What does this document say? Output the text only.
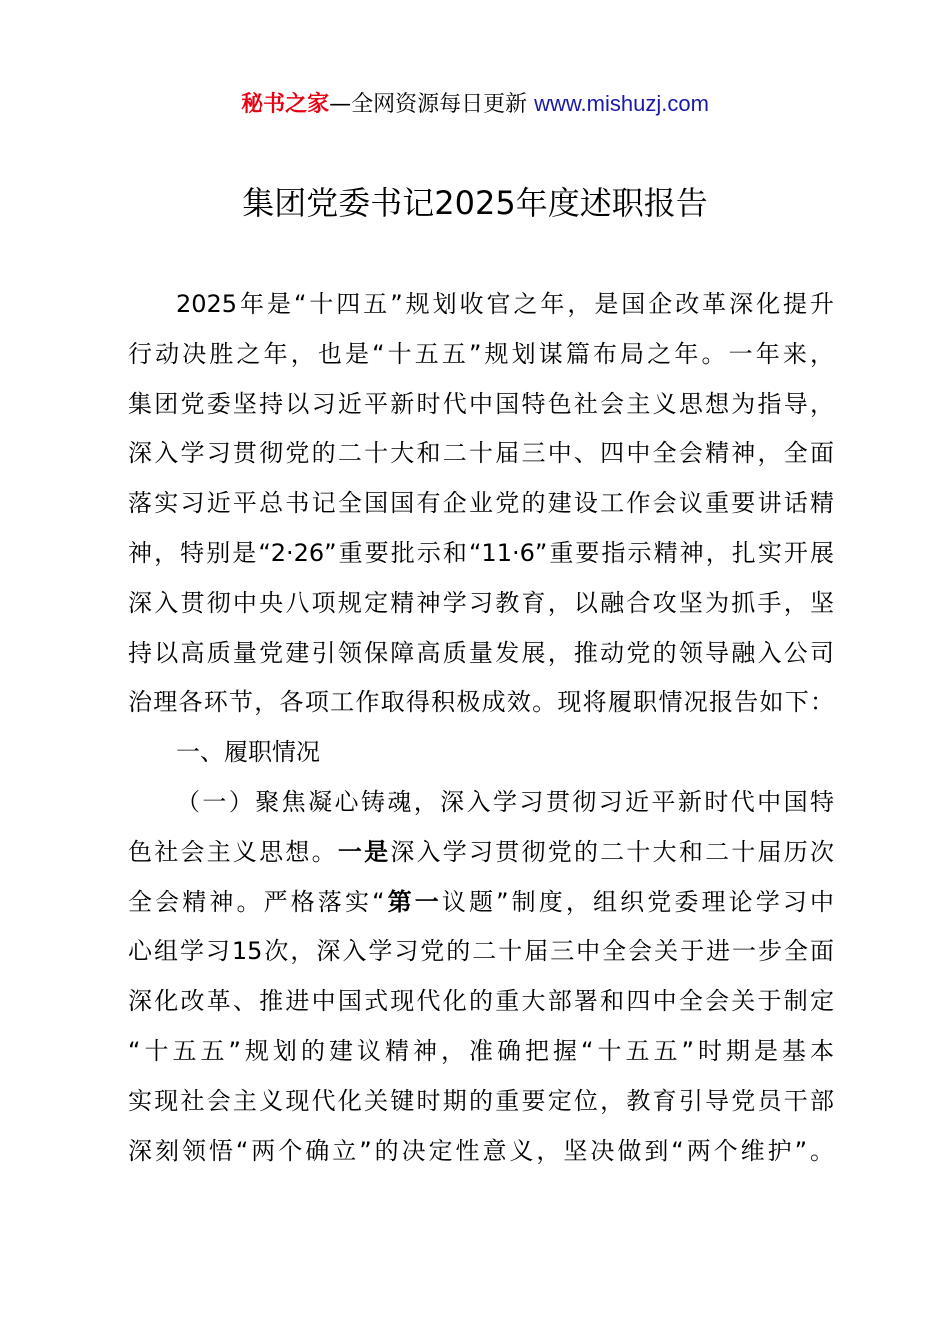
秘书之家—全网资源每日更新 www.mishuzj.com
集团党委书记2025年度述职报告
2025年是“十四五”规划收官之年，是国企改革深化提升
行动决胜之年，也是“十五五”规划谋篇布局之年。一年来，
集团党委坚持以习近平新时代中国特色社会主义思想为指导，
深入学习贯彻党的二十大和二十届三中、四中全会精神，全面
落实习近平总书记全国国有企业党的建设工作会议重要讲话精
神，特别是“2·26”重要批示和“11·6”重要指示精神，扎实开展
深入贯彻中央八项规定精神学习教育，以融合攻坚为抓手，坚
持以高质量党建引领保障高质量发展，推动党的领导融入公司
治理各环节，各项工作取得积极成效。现将履职情况报告如下：
一、履职情况
（一）聚焦凝心铸魂，深入学习贯彻习近平新时代中国特
色社会主义思想。一是深入学习贯彻党的二十大和二十届历次
全会精神。严格落实“第一议题”制度，组织党委理论学习中
心组学习15次，深入学习党的二十届三中全会关于进一步全面
深化改革、推进中国式现代化的重大部署和四中全会关于制定
“十五五”规划的建议精神，准确把握“十五五”时期是基本
实现社会主义现代化关键时期的重要定位，教育引导党员干部
深刻领悟“两个确立”的决定性意义，坚决做到“两个维护”。
